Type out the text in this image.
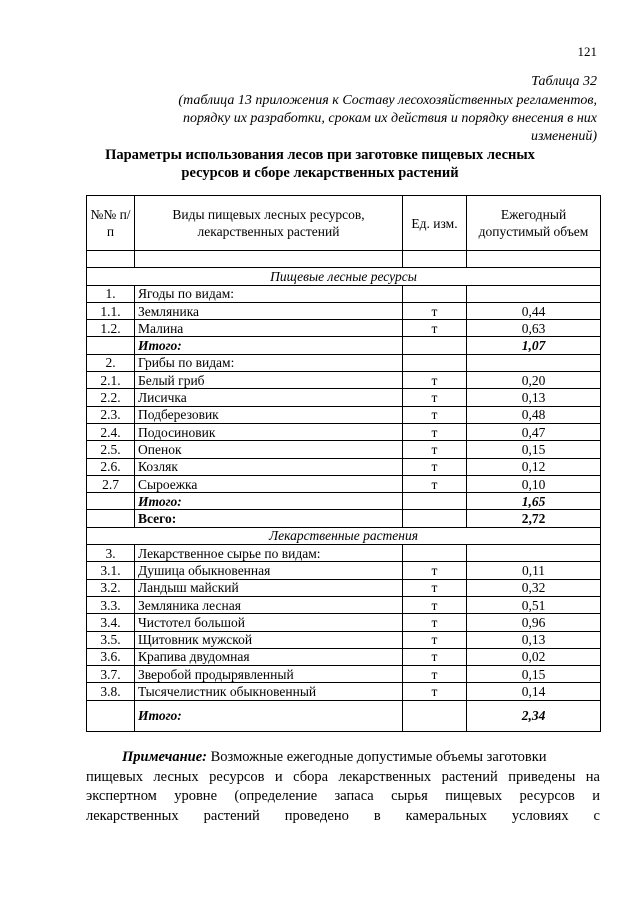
121
Таблица 32
(таблица 13 приложения к Составу лесохозяйственных регламентов,
порядку их разработки, срокам их действия и порядку внесения в них
изменений)
Параметры использования лесов при заготовке пищевых лесных
ресурсов и сборе лекарственных растений
№№ п/п	Виды пищевых лесных ресурсов, лекарственных растений	Ед. изм.	Ежегодный допустимый объем

Пищевые лесные ресурсы			
1.	Ягоды по видам:		
1.1.	Земляника	т	0,44
1.2.	Малина	т	0,63
	Итого:		1,07
2.	Грибы по видам:		
2.1.	Белый гриб	т	0,20
2.2.	Лисичка	т	0,13
2.3.	Подберезовик	т	0,48
2.4.	Подосиновик	т	0,47
2.5.	Опенок	т	0,15
2.6.	Козляк	т	0,12
2.7	Сыроежка	т	0,10
	Итого:		1,65
	Всего:		2,72
Лекарственные растения			
3.	Лекарственное сырье по видам:		
3.1.	Душица обыкновенная	т	0,11
3.2.	Ландыш майский	т	0,32
3.3.	Земляника лесная	т	0,51
3.4.	Чистотел большой	т	0,96
3.5.	Щитовник мужской	т	0,13
3.6.	Крапива двудомная	т	0,02
3.7.	Зверобой продырявленный	т	0,15
3.8.	Тысячелистник обыкновенный	т	0,14
	Итого:		2,34
Примечание: Возможные ежегодные допустимые объемы заготовки
пищевых лесных ресурсов и сбора лекарственных растений приведены на
экспертном уровне (определение запаса сырья пищевых ресурсов и
лекарственных растений проведено в камеральных условиях с
